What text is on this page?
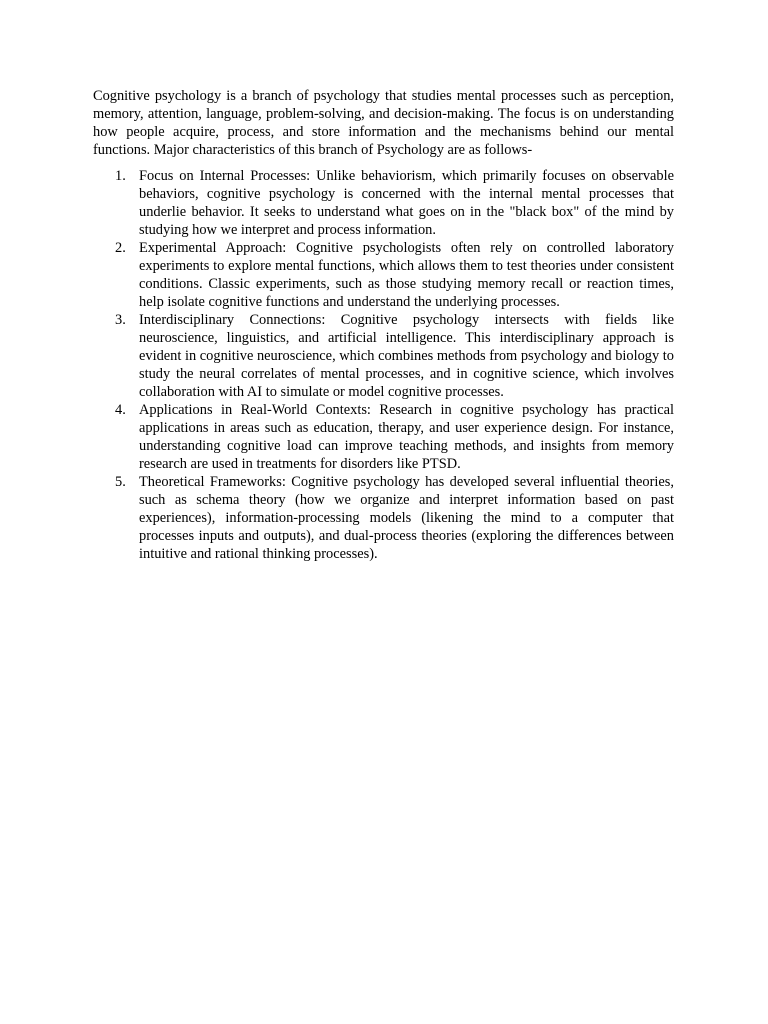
Cognitive psychology is a branch of psychology that studies mental processes such as perception, memory, attention, language, problem-solving, and decision-making. The focus is on understanding how people acquire, process, and store information and the mechanisms behind our mental functions. Major characteristics of this branch of Psychology are as follows-

1. Focus on Internal Processes: Unlike behaviorism, which primarily focuses on observable behaviors, cognitive psychology is concerned with the internal mental processes that underlie behavior. It seeks to understand what goes on in the "black box" of the mind by studying how we interpret and process information.
2. Experimental Approach: Cognitive psychologists often rely on controlled laboratory experiments to explore mental functions, which allows them to test theories under consistent conditions. Classic experiments, such as those studying memory recall or reaction times, help isolate cognitive functions and understand the underlying processes.
3. Interdisciplinary Connections: Cognitive psychology intersects with fields like neuroscience, linguistics, and artificial intelligence. This interdisciplinary approach is evident in cognitive neuroscience, which combines methods from psychology and biology to study the neural correlates of mental processes, and in cognitive science, which involves collaboration with AI to simulate or model cognitive processes.
4. Applications in Real-World Contexts: Research in cognitive psychology has practical applications in areas such as education, therapy, and user experience design. For instance, understanding cognitive load can improve teaching methods, and insights from memory research are used in treatments for disorders like PTSD.
5. Theoretical Frameworks: Cognitive psychology has developed several influential theories, such as schema theory (how we organize and interpret information based on past experiences), information-processing models (likening the mind to a computer that processes inputs and outputs), and dual-process theories (exploring the differences between intuitive and rational thinking processes).
